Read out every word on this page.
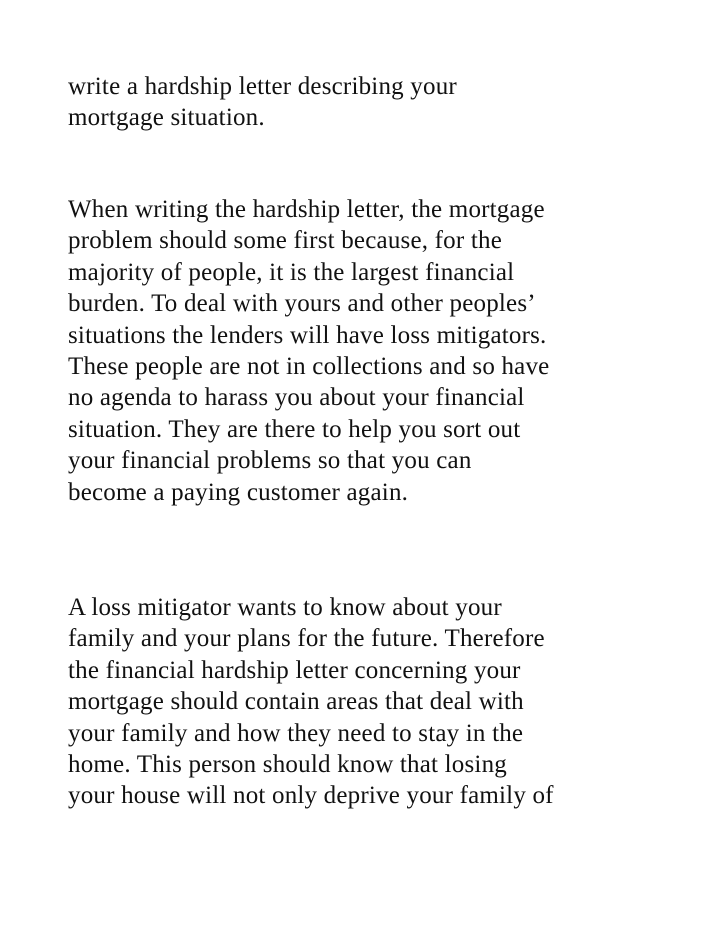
write a hardship letter describing your
mortgage situation.
When writing the hardship letter, the mortgage
problem should some first because, for the
majority of people, it is the largest financial
burden. To deal with yours and other peoples’
situations the lenders will have loss mitigators.
These people are not in collections and so have
no agenda to harass you about your financial
situation. They are there to help you sort out
your financial problems so that you can
become a paying customer again.
A loss mitigator wants to know about your
family and your plans for the future. Therefore
the financial hardship letter concerning your
mortgage should contain areas that deal with
your family and how they need to stay in the
home. This person should know that losing
your house will not only deprive your family of
